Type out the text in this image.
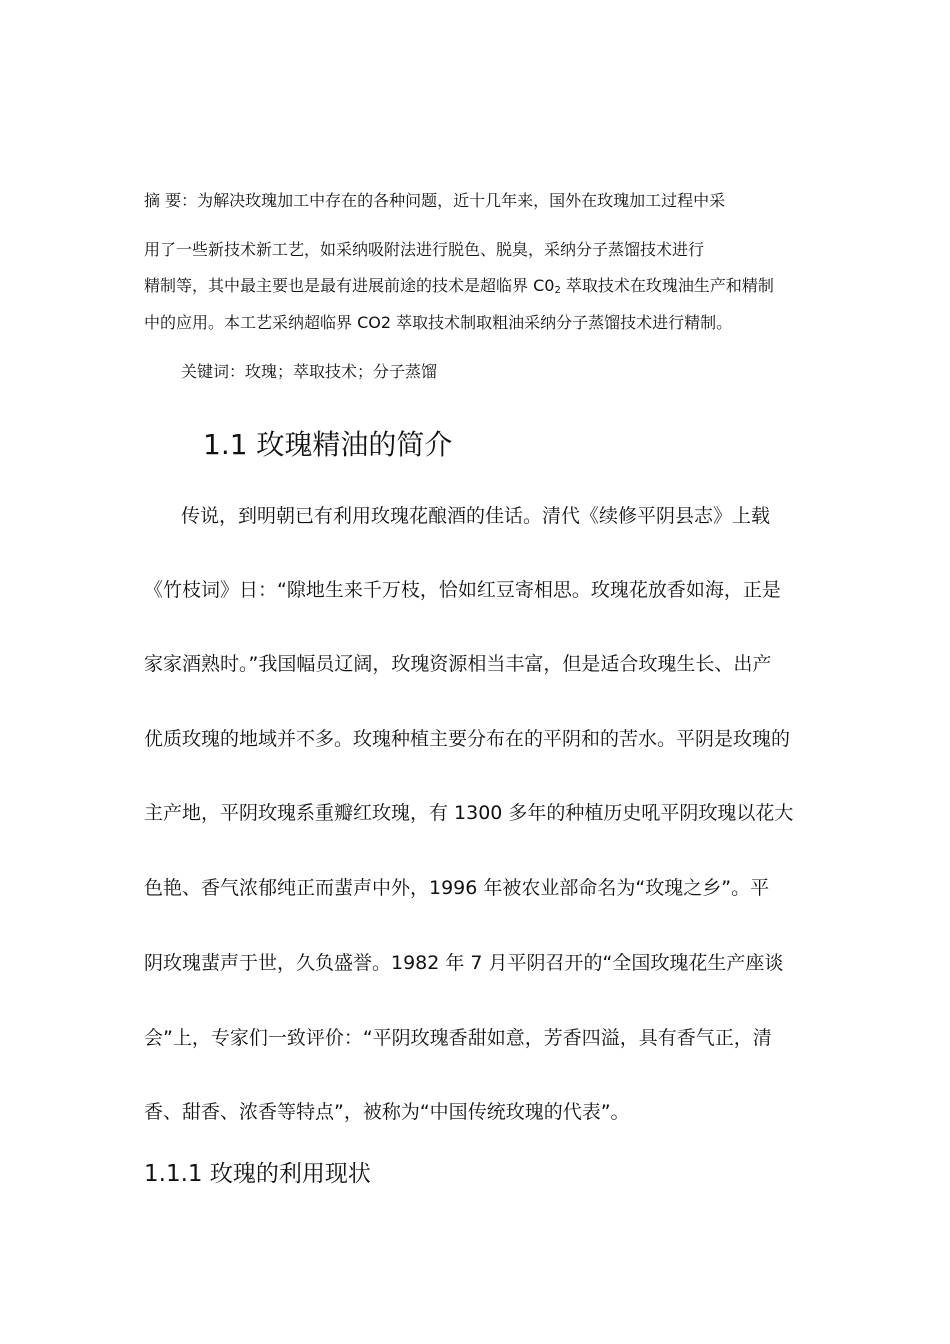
摘 要：为解决玫瑰加工中存在的各种问题，近十几年来，国外在玫瑰加工过程中采
用了一些新技术新工艺，如采纳吸附法进行脱色、脱臭，采纳分子蒸馏技术进行
精制等，其中最主要也是最有进展前途的技术是超临界 $C0_2$ 萃取技术在玫瑰油生产和精制
中的应用。本工艺采纳超临界 CO2 萃取技术制取粗油采纳分子蒸馏技术进行精制。
关键词：玫瑰；萃取技术；分子蒸馏
1.1 玫瑰精油的简介
传说，到明朝已有利用玫瑰花酿酒的佳话。清代《续修平阴县志》上载
《竹枝词》日：“隙地生来千万枝，恰如红豆寄相思。玫瑰花放香如海，正是
家家酒熟时。”我国幅员辽阔，玫瑰资源相当丰富，但是适合玫瑰生长、出产
优质玫瑰的地域并不多。玫瑰种植主要分布在的平阴和的苦水。平阴是玫瑰的
主产地，平阴玫瑰系重瓣红玫瑰，有 1300 多年的种植历史吼平阴玫瑰以花大
色艳、香气浓郁纯正而蜚声中外，1996 年被农业部命名为“玫瑰之乡”。平
阴玫瑰蜚声于世，久负盛誉。1982 年 7 月平阴召开的“全国玫瑰花生产座谈
会”上，专家们一致评价：“平阴玫瑰香甜如意，芳香四溢，具有香气正，清
香、甜香、浓香等特点”，被称为“中国传统玫瑰的代表”。
1.1.1 玫瑰的利用现状
